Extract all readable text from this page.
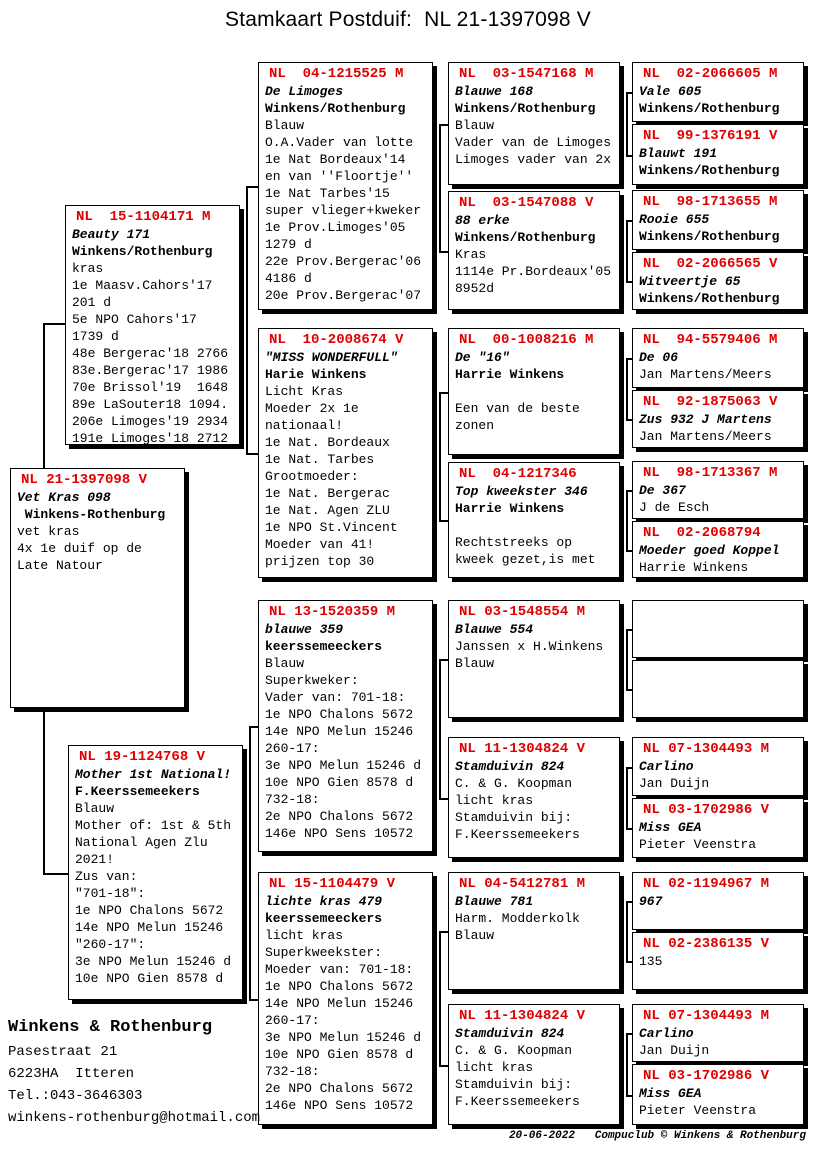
Stamkaart Postduif:  NL 21-1397098 V
NL  15-1104171 M
Beauty 171
Winkens/Rothenburg
kras
1e Maasv.Cahors'17
201 d
5e NPO Cahors'17
1739 d
48e Bergerac'18 2766
83e.Bergerac'17 1986
70e Brissol'19  1648
89e LaSouter18 1094.
206e Limoges'19 2934
191e Limoges'18 2712
NL 21-1397098 V
Vet Kras 098
Winkens-Rothenburg
vet kras
4x 1e duif op de
Late Natour
NL 19-1124768 V
Mother 1st National!
F.Keerssemeekers
Blauw
Mother of: 1st & 5th
National Agen Zlu
2021!
Zus van:
"701-18":
1e NPO Chalons 5672
14e NPO Melun 15246
"260-17":
3e NPO Melun 15246 d
10e NPO Gien 8578 d
NL  04-1215525 M
De Limoges
Winkens/Rothenburg
Blauw
O.A.Vader van lotte
1e Nat Bordeaux'14
en van ''Floortje''
1e Nat Tarbes'15
super vlieger+kweker
1e Prov.Limoges'05
1279 d
22e Prov.Bergerac'06
4186 d
20e Prov.Bergerac'07
NL  10-2008674 V
"MISS WONDERFULL"
Harie Winkens
Licht Kras
Moeder 2x 1e
nationaal!
1e Nat. Bordeaux
1e Nat. Tarbes
Grootmoeder:
1e Nat. Bergerac
1e Nat. Agen ZLU
1e NPO St.Vincent
Moeder van 41!
prijzen top 30
NL 13-1520359 M
blauwe 359
keerssemeeckers
Blauw
Superkweker:
Vader van: 701-18:
1e NPO Chalons 5672
14e NPO Melun 15246
260-17:
3e NPO Melun 15246 d
10e NPO Gien 8578 d
732-18:
2e NPO Chalons 5672
146e NPO Sens 10572
NL 15-1104479 V
lichte kras 479
keerssemeeckers
licht kras
Superkweekster:
Moeder van: 701-18:
1e NPO Chalons 5672
14e NPO Melun 15246
260-17:
3e NPO Melun 15246 d
10e NPO Gien 8578 d
732-18:
2e NPO Chalons 5672
146e NPO Sens 10572
NL  03-1547168 M
Blauwe 168
Winkens/Rothenburg
Blauw
Vader van de Limoges
Limoges vader van 2x
NL  03-1547088 V
88 erke
Winkens/Rothenburg
Kras
1114e Pr.Bordeaux'05
8952d
NL  00-1008216 M
De "16"
Harrie Winkens

Een van de beste
zonen
NL  04-1217346
Top kweekster 346
Harrie Winkens

Rechtstreeks op
kweek gezet,is met
NL 03-1548554 M
Blauwe 554
Janssen x H.Winkens
Blauw
NL 11-1304824 V
Stamduivin 824
C. & G. Koopman
licht kras
Stamduivin bij:
F.Keerssemeekers
NL 04-5412781 M
Blauwe 781
Harm. Modderkolk
Blauw
NL 11-1304824 V
Stamduivin 824
C. & G. Koopman
licht kras
Stamduivin bij:
F.Keerssemeekers
NL  02-2066605 M
Vale 605
Winkens/Rothenburg
NL  99-1376191 V
Blauwt 191
Winkens/Rothenburg
NL  98-1713655 M
Rooie 655
Winkens/Rothenburg
NL  02-2066565 V
Witveertje 65
Winkens/Rothenburg
NL  94-5579406 M
De 06
Jan Martens/Meers
NL  92-1875063 V
Zus 932 J Martens
Jan Martens/Meers
NL  98-1713367 M
De 367
J de Esch
NL  02-2068794
Moeder goed Koppel
Harrie Winkens
NL 07-1304493 M
Carlino
Jan Duijn
NL 03-1702986 V
Miss GEA
Pieter Veenstra
NL 02-1194967 M
967
NL 02-2386135 V
135
NL 07-1304493 M
Carlino
Jan Duijn
NL 03-1702986 V
Miss GEA
Pieter Veenstra
Winkens & Rothenburg
Pasestraat 21
6223HA  Itteren
Tel.:043-3646303
winkens-rothenburg@hotmail.com
20-06-2022   Compuclub © Winkens & Rothenburg
